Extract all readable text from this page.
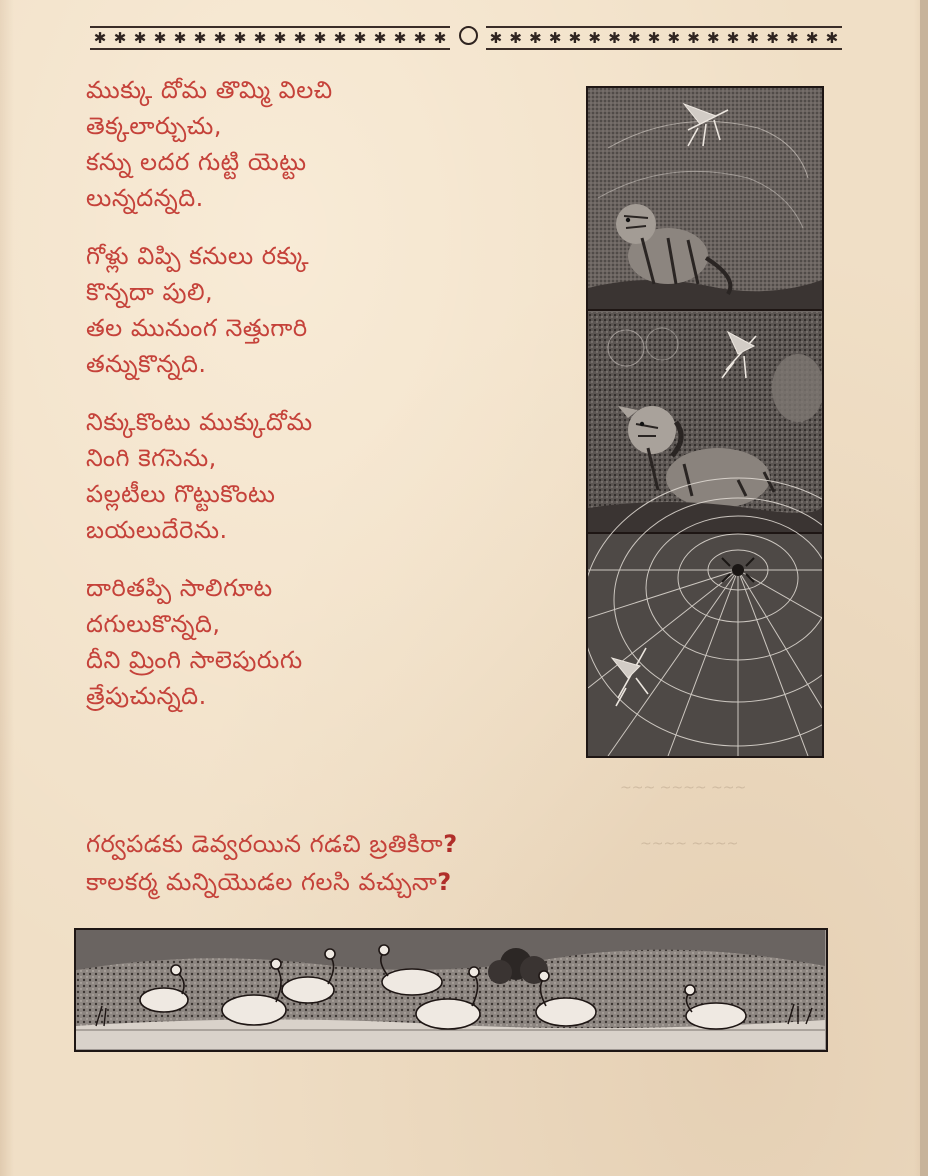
✱ ✱ ✱ ✱ ✱ ✱ ✱ ✱ ✱ ✱ ✱ ✱ ✱ ✱ ✱ ✱ ✱ ✱	✱ ✱ ✱ ✱ ✱ ✱ ✱ ✱ ✱ ✱ ✱ ✱ ✱ ✱ ✱ ✱ ✱ ✱
ముక్కు దోమ తొమ్మి విలచి
తెక్కలార్చుచు,
కన్ను లదర గుట్టి యెట్టు
లున్నదన్నది.
గోళ్లు విప్పి కనులు రక్కు
కొన్నదా పులి,
తల మునుంగ నెత్తుగారి
తన్నుకొన్నది.
నిక్కుకొంటు ముక్కుదోమ
నింగి కెగసెను,
పల్లటీలు గొట్టుకొంటు
బయలుదేరెను.
దారితప్పి సాలిగూట
దగులుకొన్నది,
దీని మ్రింగి సాలెపురుగు
త్రేపుచున్నది.
గర్వపడకు డెవ్వరయిన గడచి బ్రతికిరా?
కాలకర్మ మన్నియొడల గలసి వచ్చునా?
~~~ ~~~~ ~~~
~~~~ ~~~~
